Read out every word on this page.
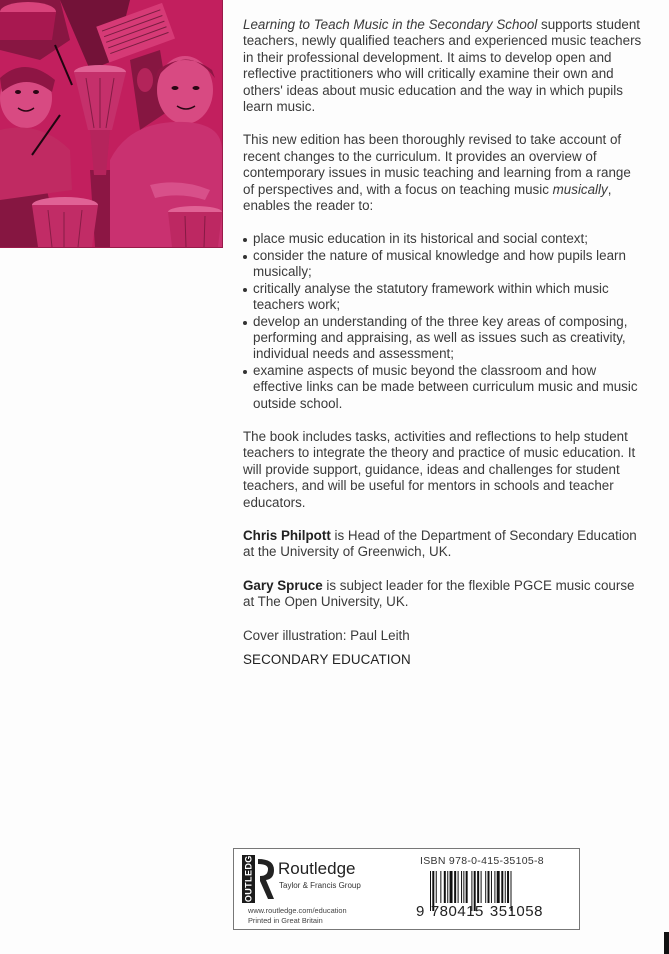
Learning to Teach Music in the Secondary School supports student teachers, newly qualified teachers and experienced music teachers in their professional development. It aims to develop open and reflective practitioners who will critically examine their own and others' ideas about music education and the way in which pupils learn music.

This new edition has been thoroughly revised to take account of recent changes to the curriculum. It provides an overview of contemporary issues in music teaching and learning from a range of perspectives and, with a focus on teaching music musically, enables the reader to:

place music education in its historical and social context;
consider the nature of musical knowledge and how pupils learn musically;
critically analyse the statutory framework within which music teachers work;
develop an understanding of the three key areas of composing, performing and appraising, as well as issues such as creativity, individual needs and assessment;
examine aspects of music beyond the classroom and how effective links can be made between curriculum music and music outside school.

The book includes tasks, activities and reflections to help student teachers to integrate the theory and practice of music education. It will provide support, guidance, ideas and challenges for student teachers, and will be useful for mentors in schools and teacher educators.

Chris Philpott is Head of the Department of Secondary Education at the University of Greenwich, UK.

Gary Spruce is subject leader for the flexible PGCE music course at The Open University, UK.

Cover illustration: Paul Leith

SECONDARY EDUCATION

ROUTLEDGE Routledge
Taylor & Francis Group
www.routledge.com/education
Printed in Great Britain
ISBN 978-0-415-35105-8
9 780415 351058
